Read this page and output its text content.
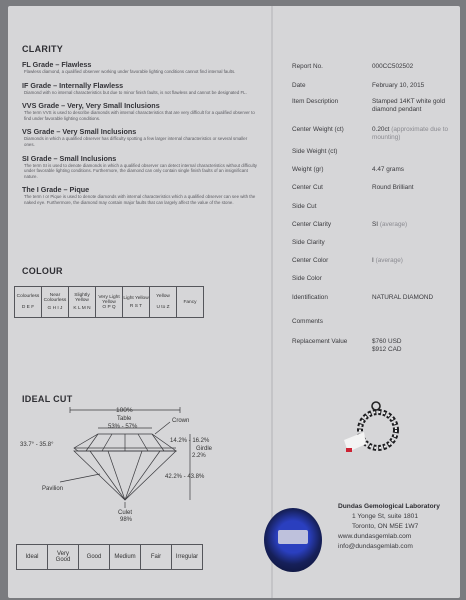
CLARITY
FL Grade – Flawless
Flawless diamond, a qualified observer working under favorable lighting conditions cannot find internal faults.
IF Grade – Internally Flawless
Diamond with no internal characteristics but due to minor finish faults, is not flawless and cannot be designated FL.
VVS Grade – Very, Very Small Inclusions
The term VVS is used to describe diamonds with internal characteristics that are very difficult for a qualified observer to find under favorable lighting conditions.
VS Grade – Very Small Inclusions
Diamonds in which a qualified observer has difficulty spotting a few larger internal characteristics or several smaller ones.
SI Grade – Small Inclusions
The term SI is used to denote diamonds in which a qualified observer can detect internal characteristics without difficulty under favorable lighting conditions. Furthermore, the diamond can only contain single finish faults of an insignificant nature.
The I Grade – Pique
The term I or Pique is used to denote diamonds with internal characteristics which a qualified observer can see with the naked eye. Furthermore, the diamond may contain major faults that can largely affect the value of the stone.
COLOUR
Colourless
D E F

Near Colourless
G H I J

Slightly Yellow
K L M N

Very Light Yellow
O P Q

Light Yellow
R S T

Yellow
U to Z

Fancy
IDEAL CUT
100%
Table
53% - 57%
Crown
33.7° - 35.8°
14.2% - 16.2%
Girdle
2.2%
42.2% - 43.8%
Pavilion
Culet
98%
Ideal	Very Good	Good	Medium	Fair	Irregular
Report No.	000CC502502
Date	February 10, 2015
Item Description	Stamped 14KT white gold diamond pendant
Center Weight (ct)	0.20ct (approximate due to mounting)
Side Weight (ct)
Weight (gr)	4.47 grams
Center Cut	Round Brilliant
Side Cut
Center Clarity	SI (average)
Side Clarity
Center Color	I (average)
Side Color
Identification	NATURAL DIAMOND
Comments
Replacement Value	$760 USD
$912 CAD
Dundas Gemological Laboratory
1 Yonge St, suite 1801
Toronto, ON M5E 1W7
www.dundasgemlab.com
info@dundasgemlab.com
